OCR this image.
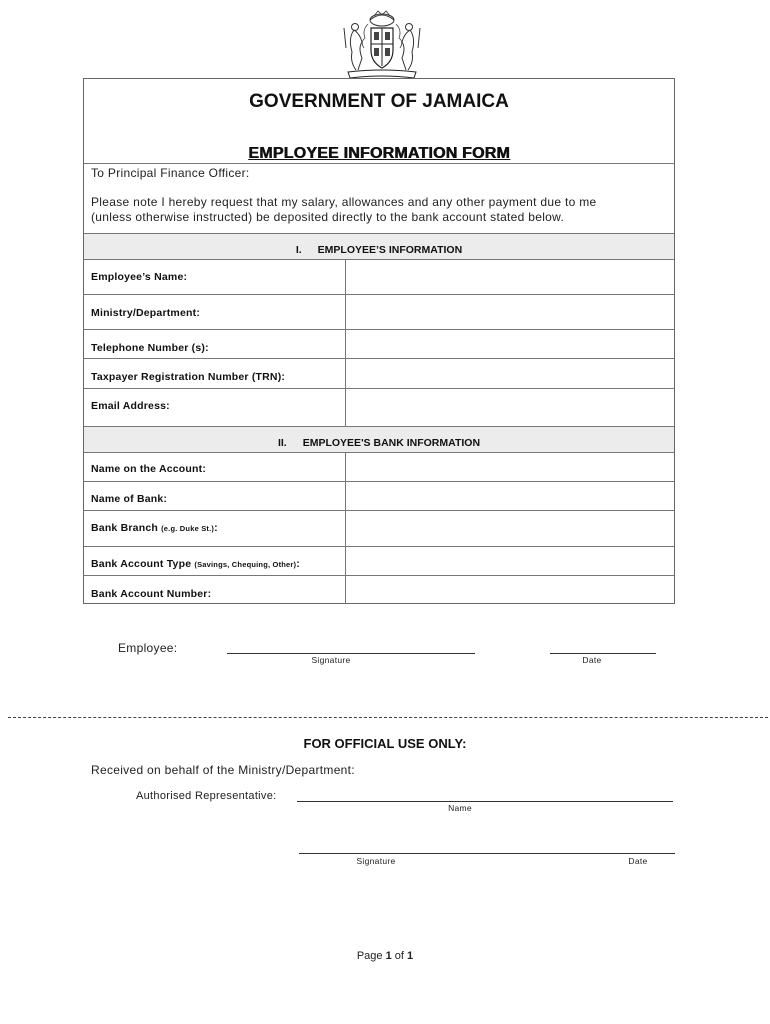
GOVERNMENT OF JAMAICA
EMPLOYEE INFORMATION FORM
To Principal Finance Officer:
Please note I hereby request that my salary, allowances and any other payment due to me
(unless otherwise instructed) be deposited directly to the bank account stated below.
I. EMPLOYEE’S INFORMATION
Employee’s Name:
Ministry/Department:
Telephone Number (s):
Taxpayer Registration Number (TRN):
Email Address:
II. EMPLOYEE'S BANK INFORMATION
Name on the Account:
Name of Bank:
Bank Branch (e.g. Duke St.):
Bank Account Type (Savings, Chequing, Other):
Bank Account Number:
Employee:
Signature	Date
FOR OFFICIAL USE ONLY:
Received on behalf of the Ministry/Department:
Authorised Representative:
Name
Signature	Date
Page 1 of 1
